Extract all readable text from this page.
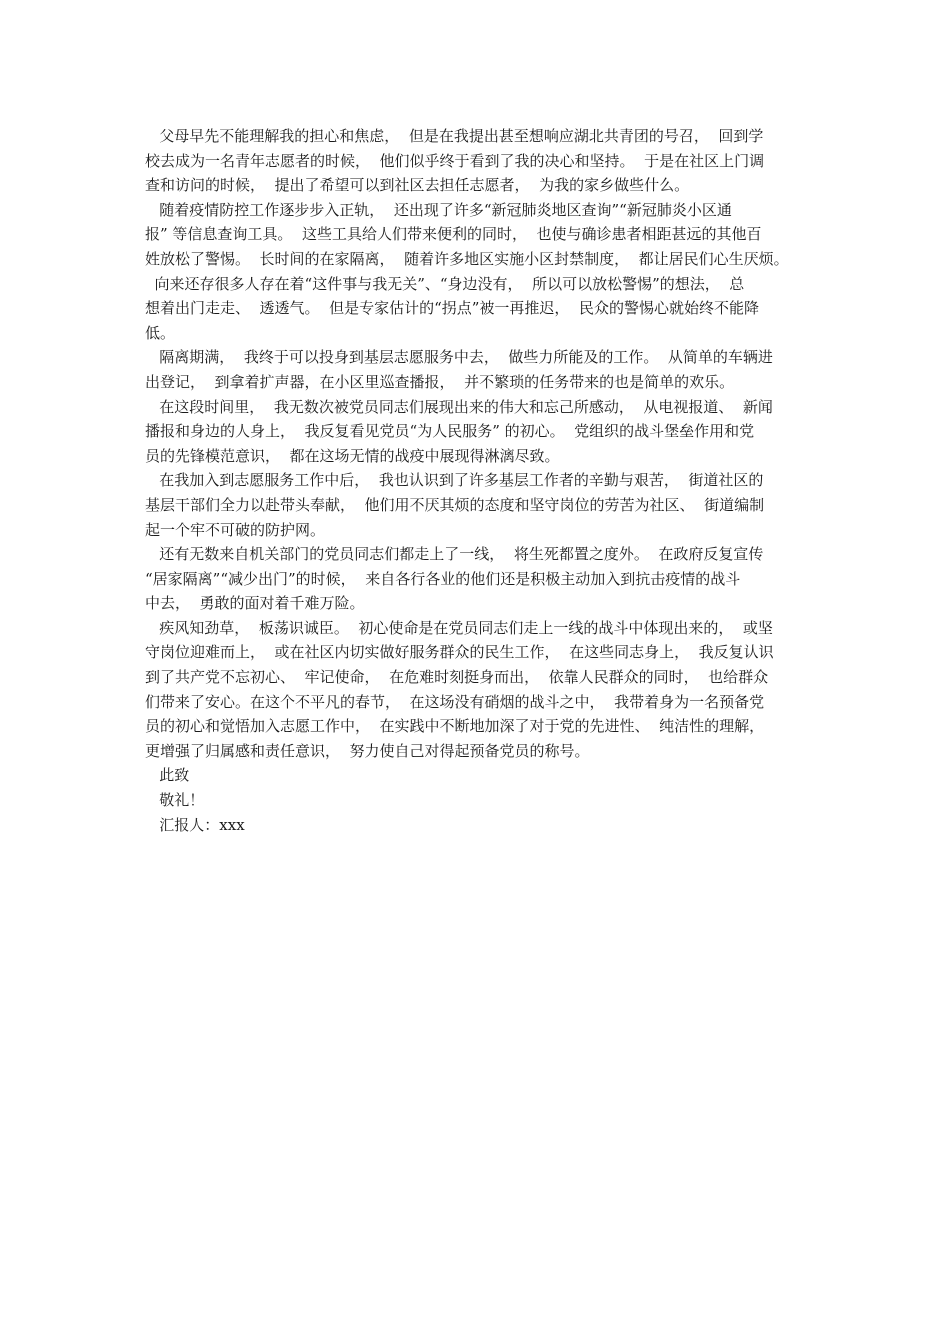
父母早先不能理解我的担心和焦虑，  但是在我提出甚至想响应湖北共青团的号召，  回到学
校去成为一名青年志愿者的时候，  他们似乎终于看到了我的决心和坚持。  于是在社区上门调
查和访问的时候，  提出了希望可以到社区去担任志愿者，  为我的家乡做些什么。
随着疫情防控工作逐步步入正轨，  还出现了许多“新冠肺炎地区查询”“新冠肺炎小区通
报” 等信息查询工具。  这些工具给人们带来便利的同时，  也使与确诊患者相距甚远的其他百
姓放松了警惕。  长时间的在家隔离，  随着许多地区实施小区封禁制度，  都让居民们心生厌烦。
向来还存很多人存在着“这件事与我无关”、“身边没有，  所以可以放松警惕”的想法，  总
想着出门走走、  透透气。  但是专家估计的“拐点”被一再推迟，  民众的警惕心就始终不能降
低。
隔离期满，  我终于可以投身到基层志愿服务中去，  做些力所能及的工作。  从简单的车辆进
出登记，  到拿着扩声器，在小区里巡查播报，  并不繁琐的任务带来的也是简单的欢乐。
在这段时间里，  我无数次被党员同志们展现出来的伟大和忘己所感动，  从电视报道、  新闻
播报和身边的人身上，  我反复看见党员“为人民服务” 的初心。  党组织的战斗堡垒作用和党
员的先锋模范意识，  都在这场无情的战疫中展现得淋漓尽致。
在我加入到志愿服务工作中后，  我也认识到了许多基层工作者的辛勤与艰苦，  街道社区的
基层干部们全力以赴带头奉献，  他们用不厌其烦的态度和坚守岗位的劳苦为社区、  街道编制
起一个牢不可破的防护网。
还有无数来自机关部门的党员同志们都走上了一线，  将生死都置之度外。  在政府反复宣传
“居家隔离”“减少出门”的时候，  来自各行各业的他们还是积极主动加入到抗击疫情的战斗
中去，  勇敢的面对着千难万险。
疾风知劲草，  板荡识诚臣。  初心使命是在党员同志们走上一线的战斗中体现出来的，  或坚
守岗位迎难而上，  或在社区内切实做好服务群众的民生工作，  在这些同志身上，  我反复认识
到了共产党不忘初心、  牢记使命，  在危难时刻挺身而出，  依靠人民群众的同时，  也给群众
们带来了安心。在这个不平凡的春节，  在这场没有硝烟的战斗之中，  我带着身为一名预备党
员的初心和觉悟加入志愿工作中，  在实践中不断地加深了对于党的先进性、  纯洁性的理解，
更增强了归属感和责任意识，  努力使自己对得起预备党员的称号。
此致
敬礼！
汇报人：xxx
